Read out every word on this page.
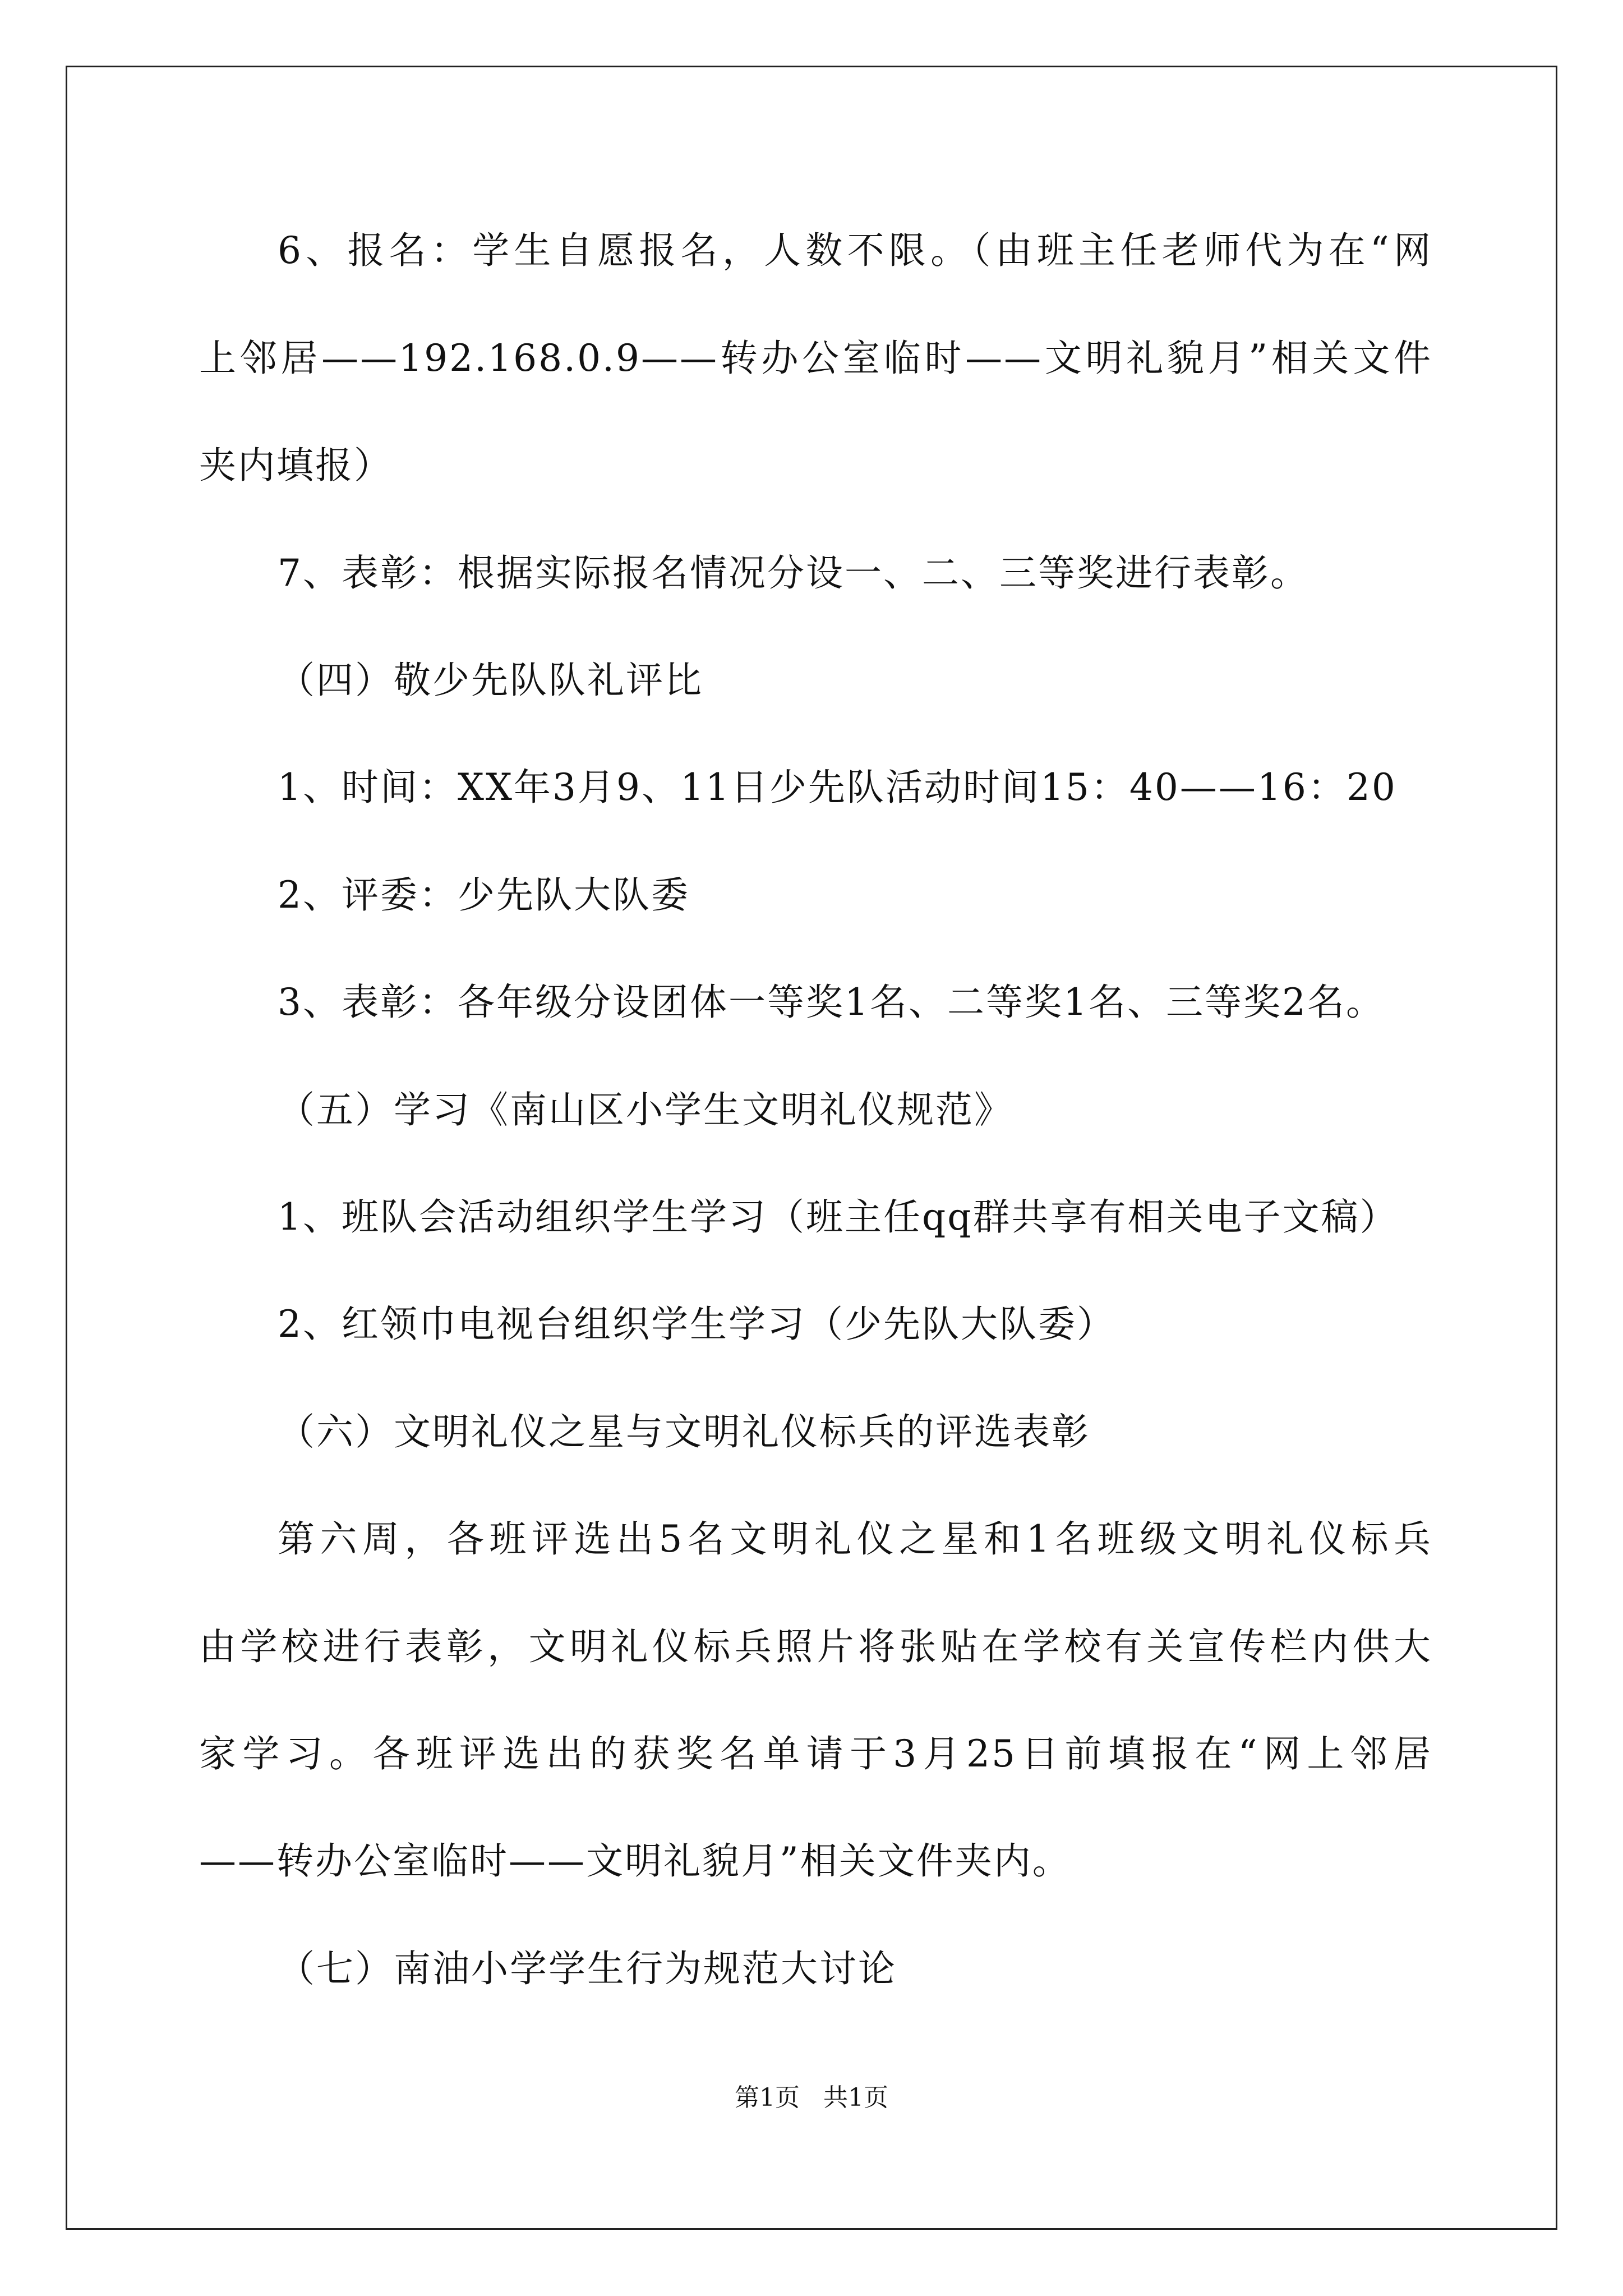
6、报名：学生自愿报名，人数不限。（由班主任老师代为在“网
上邻居——192.168.0.9——转办公室临时——文明礼貌月”相关文件
夹内填报）
7、表彰：根据实际报名情况分设一、二、三等奖进行表彰。
（四）敬少先队队礼评比
1、时间：XX年3月9、11日少先队活动时间15：40——16：20
2、评委：少先队大队委
3、表彰：各年级分设团体一等奖1名、二等奖1名、三等奖2名。
（五）学习《南山区小学生文明礼仪规范》
1、班队会活动组织学生学习（班主任qq群共享有相关电子文稿）
2、红领巾电视台组织学生学习（少先队大队委）
（六）文明礼仪之星与文明礼仪标兵的评选表彰
第六周，各班评选出5名文明礼仪之星和1名班级文明礼仪标兵
由学校进行表彰，文明礼仪标兵照片将张贴在学校有关宣传栏内供大
家学习。各班评选出的获奖名单请于3月25日前填报在“网上邻居
——转办公室临时——文明礼貌月”相关文件夹内。
（七）南油小学学生行为规范大讨论
第1页   共1页
